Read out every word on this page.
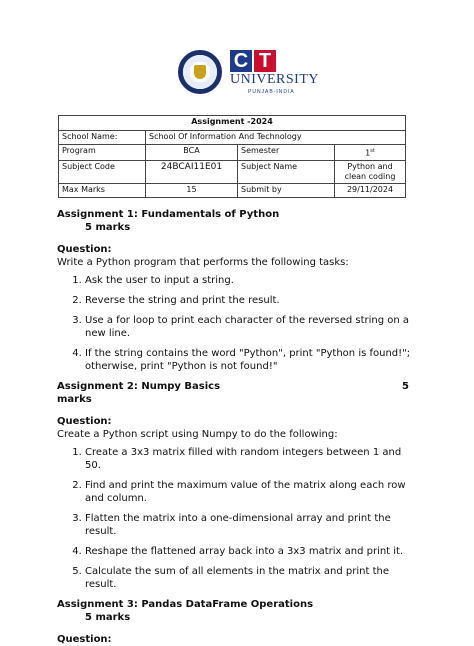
C T
UNIVERSITY
PUNJAB-INDIA
Assignment -2024			
School Name:	School Of Information And Technology		
Program	BCA	Semester	1st
Subject Code	24BCAI11E01	Subject Name	Python and clean coding
Max Marks	15	Submit by	29/11/2024
Assignment 1: Fundamentals of Python
5 marks
Question:
Write a Python program that performs the following tasks:
1. Ask the user to input a string.
2. Reverse the string and print the result.
3. Use a for loop to print each character of the reversed string on a new line.
4. If the string contains the word "Python", print "Python is found!"; otherwise, print "Python is not found!"
Assignment 2: Numpy Basics	5
marks
Question:
Create a Python script using Numpy to do the following:
1. Create a 3x3 matrix filled with random integers between 1 and 50.
2. Find and print the maximum value of the matrix along each row and column.
3. Flatten the matrix into a one-dimensional array and print the result.
4. Reshape the flattened array back into a 3x3 matrix and print it.
5. Calculate the sum of all elements in the matrix and print the result.
Assignment 3: Pandas DataFrame Operations
5 marks
Question:
